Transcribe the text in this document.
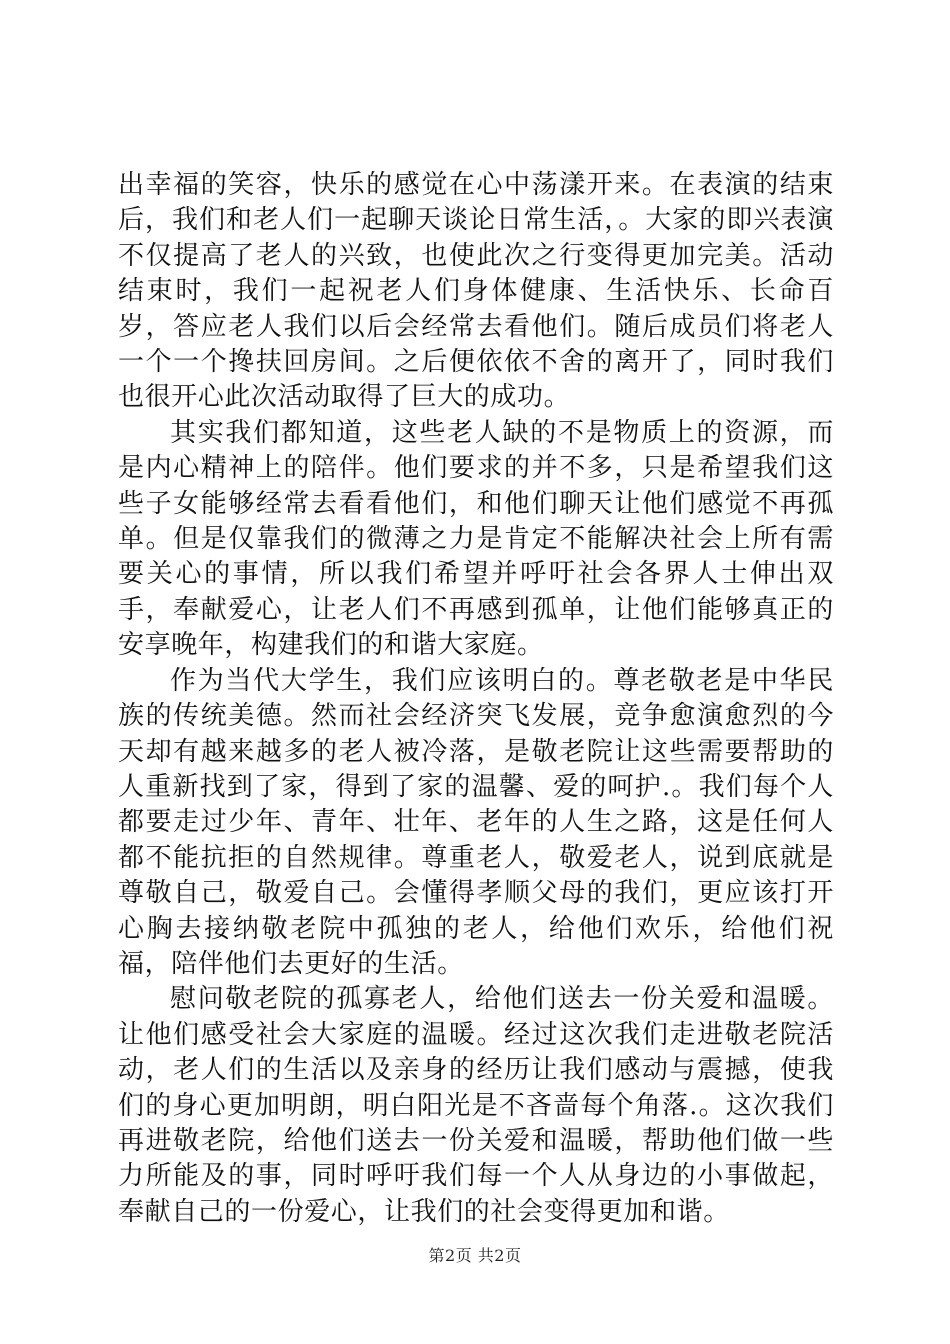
出幸福的笑容，快乐的感觉在心中荡漾开来。在表演的结束后，我们和老人们一起聊天谈论日常生活，。大家的即兴表演不仅提高了老人的兴致，也使此次之行变得更加完美。活动结束时，我们一起祝老人们身体健康、生活快乐、长命百岁，答应老人我们以后会经常去看他们。随后成员们将老人一个一个搀扶回房间。之后便依依不舍的离开了，同时我们也很开心此次活动取得了巨大的成功。

其实我们都知道，这些老人缺的不是物质上的资源，而是内心精神上的陪伴。他们要求的并不多，只是希望我们这些子女能够经常去看看他们，和他们聊天让他们感觉不再孤单。但是仅靠我们的微薄之力是肯定不能解决社会上所有需要关心的事情，所以我们希望并呼吁社会各界人士伸出双手，奉献爱心，让老人们不再感到孤单，让他们能够真正的安享晚年，构建我们的和谐大家庭。

作为当代大学生，我们应该明白的。尊老敬老是中华民族的传统美德。然而社会经济突飞发展，竞争愈演愈烈的今天却有越来越多的老人被冷落，是敬老院让这些需要帮助的人重新找到了家，得到了家的温馨、爱的呵护.。我们每个人都要走过少年、青年、壮年、老年的人生之路，这是任何人都不能抗拒的自然规律。尊重老人，敬爱老人，说到底就是尊敬自己，敬爱自己。会懂得孝顺父母的我们，更应该打开心胸去接纳敬老院中孤独的老人，给他们欢乐，给他们祝福，陪伴他们去更好的生活。

慰问敬老院的孤寡老人，给他们送去一份关爱和温暖。让他们感受社会大家庭的温暖。经过这次我们走进敬老院活动，老人们的生活以及亲身的经历让我们感动与震撼，使我们的身心更加明朗，明白阳光是不吝啬每个角落.。这次我们再进敬老院，给他们送去一份关爱和温暖，帮助他们做一些力所能及的事，同时呼吁我们每一个人从身边的小事做起，奉献自己的一份爱心，让我们的社会变得更加和谐。

第2页 共2页
